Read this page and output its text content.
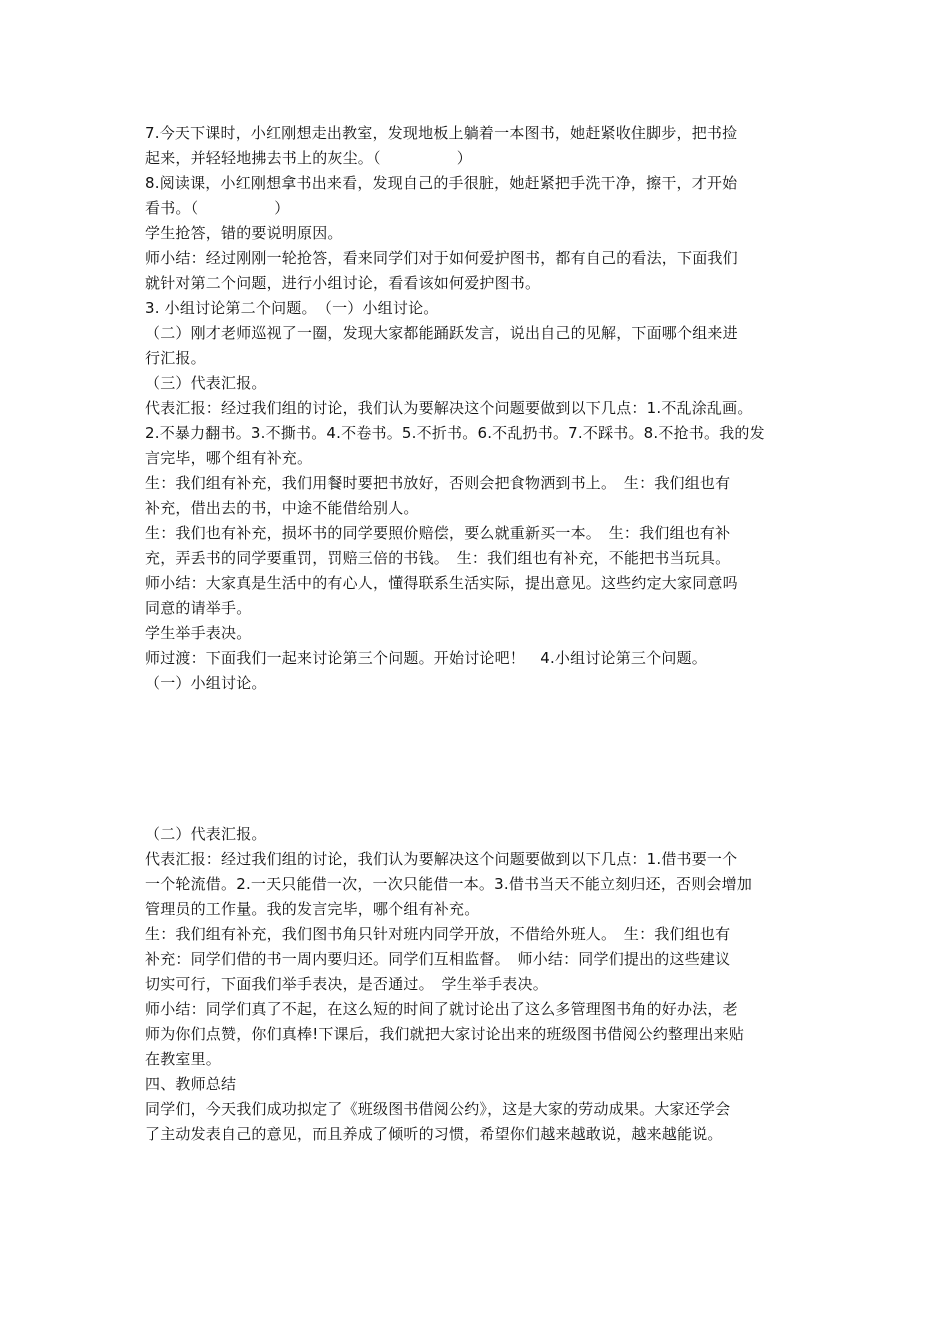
7.今天下课时，小红刚想走出教室，发现地板上躺着一本图书，她赶紧收住脚步，把书捡
起来，并轻轻地拂去书上的灰尘。（　　　　　）
8.阅读课，小红刚想拿书出来看，发现自己的手很脏，她赶紧把手洗干净，擦干，才开始
看书。（　　　　　）
学生抢答，错的要说明原因。
师小结：经过刚刚一轮抢答，看来同学们对于如何爱护图书，都有自己的看法，下面我们
就针对第二个问题，进行小组讨论，看看该如何爱护图书。
3. 小组讨论第二个问题。　（一）小组讨论。
（二）刚才老师巡视了一圈，发现大家都能踊跃发言，说出自己的见解，下面哪个组来进
行汇报。
（三）代表汇报。
代表汇报：经过我们组的讨论，我们认为要解决这个问题要做到以下几点：1.不乱涂乱画。
2.不暴力翻书。3.不撕书。4.不卷书。5.不折书。6.不乱扔书。7.不踩书。8.不抢书。我的发
言完毕，哪个组有补充。
生：我们组有补充，我们用餐时要把书放好，否则会把食物洒到书上。　生：我们组也有
补充，借出去的书，中途不能借给别人。
生：我们也有补充，损坏书的同学要照价赔偿，要么就重新买一本。　生：我们组也有补
充，弄丢书的同学要重罚，罚赔三倍的书钱。　生：我们组也有补充，不能把书当玩具。
师小结：大家真是生活中的有心人，懂得联系生活实际，提出意见。这些约定大家同意吗
同意的请举手。
学生举手表决。
师过渡：下面我们一起来讨论第三个问题。开始讨论吧！　4.小组讨论第三个问题。
（一）小组讨论。
（二）代表汇报。
代表汇报：经过我们组的讨论，我们认为要解决这个问题要做到以下几点：1.借书要一个
一个轮流借。2.一天只能借一次，一次只能借一本。3.借书当天不能立刻归还，否则会增加
管理员的工作量。我的发言完毕，哪个组有补充。
生：我们组有补充，我们图书角只针对班内同学开放，不借给外班人。　生：我们组也有
补充：同学们借的书一周内要归还。同学们互相监督。　师小结：同学们提出的这些建议
切实可行，下面我们举手表决，是否通过。　学生举手表决。
师小结：同学们真了不起，在这么短的时间了就讨论出了这么多管理图书角的好办法，老
师为你们点赞，你们真棒!下课后，我们就把大家讨论出来的班级图书借阅公约整理出来贴
在教室里。
四、教师总结
同学们，今天我们成功拟定了《班级图书借阅公约》，这是大家的劳动成果。大家还学会
了主动发表自己的意见，而且养成了倾听的习惯，希望你们越来越敢说，越来越能说。
